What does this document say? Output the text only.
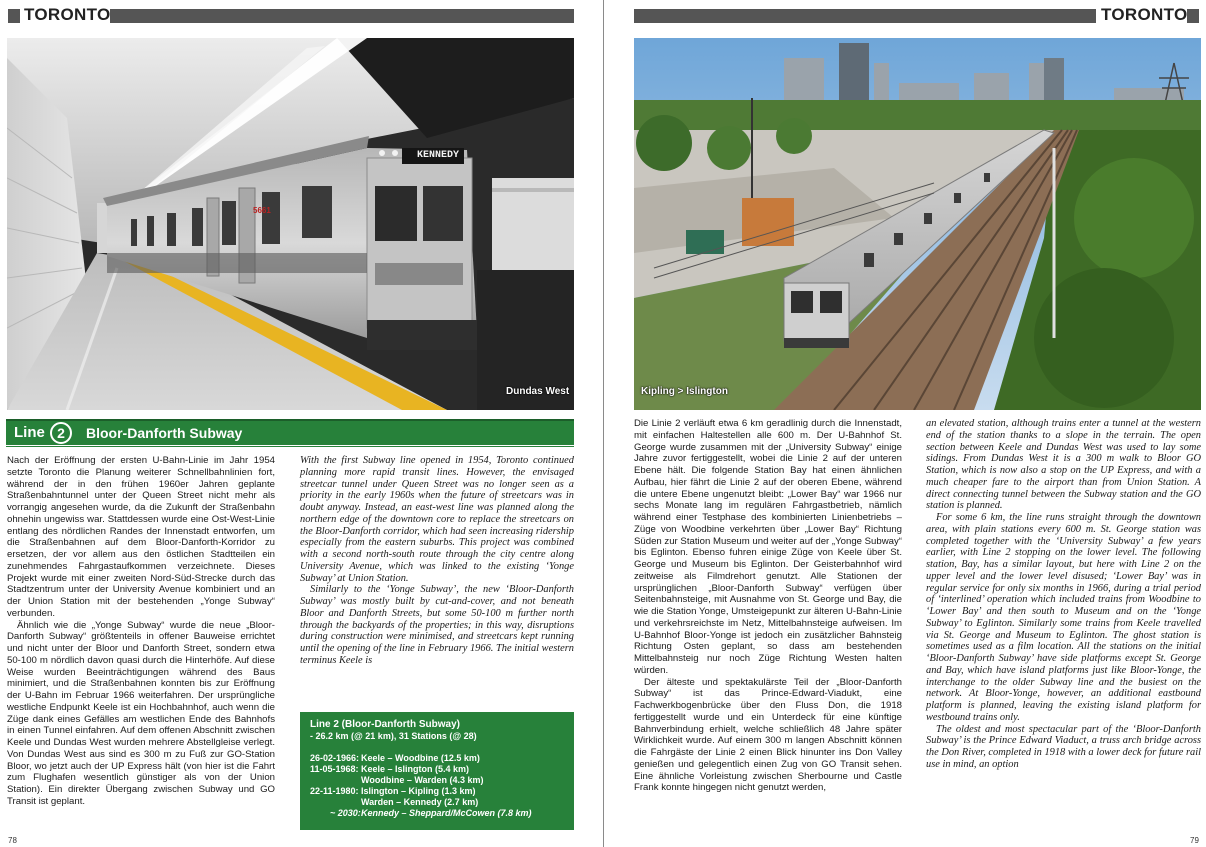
TORONTO
KENNEDY
5661
Dundas West
Line 2	Bloor-Danforth Subway

Nach der Eröffnung der ersten U-Bahn-Linie im Jahr 1954 setzte Toronto die Planung weiterer Schnellbahnlinien fort, während der in den frühen 1960er Jahren geplante Straßenbahntunnel unter der Queen Street nicht mehr als vorrangig angesehen wurde, da die Zukunft der Straßenbahn ohnehin ungewiss war. Stattdessen wurde eine Ost-West-Linie entlang des nördlichen Randes der Innenstadt entworfen, um die Straßenbahnen auf dem Bloor-Danforth-Korridor zu ersetzen, der vor allem aus den östlichen Stadtteilen ein zunehmendes Fahrgastaufkommen verzeichnete. Dieses Projekt wurde mit einer zweiten Nord-Süd-Strecke durch das Stadtzentrum unter der University Avenue kombiniert und an der Union Station mit der bestehenden „Yonge Subway“ verbunden.

Ähnlich wie die „Yonge Subway“ wurde die neue „Bloor-Danforth Subway“ größtenteils in offener Bauweise errichtet und nicht unter der Bloor und Danforth Street, sondern etwa 50-100 m nördlich davon quasi durch die Hinterhöfe. Auf diese Weise wurden Beeinträchtigungen während des Baus minimiert, und die Straßenbahnen konnten bis zur Eröffnung der U-Bahn im Februar 1966 weiterfahren. Der ursprüngliche westliche Endpunkt Keele ist ein Hochbahnhof, auch wenn die Züge dank eines Gefälles am westlichen Ende des Bahnhofs in einen Tunnel einfahren. Auf dem offenen Abschnitt zwischen Keele und Dundas West wurden mehrere Abstellgleise verlegt. Von Dundas West aus sind es 300 m zu Fuß zur GO-Station Bloor, wo jetzt auch der UP Express hält (von hier ist die Fahrt zum Flughafen wesentlich günstiger als von der Union Station). Ein direkter Übergang zwischen Subway und GO Transit ist geplant.

With the first Subway line opened in 1954, Toronto continued planning more rapid transit lines. However, the envisaged streetcar tunnel under Queen Street was no longer seen as a priority in the early 1960s when the future of streetcars was in doubt anyway. Instead, an east-west line was planned along the northern edge of the downtown core to replace the streetcars on the Bloor-Danforth corridor, which had seen increasing ridership especially from the eastern suburbs. This project was combined with a second north-south route through the city centre along University Avenue, which was linked to the existing ‘Yonge Subway’ at Union Station.

Similarly to the ‘Yonge Subway’, the new ‘Bloor-Danforth Subway’ was mostly built by cut-and-cover, and not beneath Bloor and Danforth Streets, but some 50-100 m further north through the backyards of the properties; in this way, disruptions during construction were minimised, and streetcars kept running until the opening of the line in February 1966. The initial western terminus Keele is

Line 2 (Bloor-Danforth Subway)
- 26.2 km (@ 21 km), 31 Stations (@ 28)
26-02-1966: Keele – Woodbine (12.5 km)
11-05-1968: Keele – Islington (5.4 km)
Woodbine – Warden (4.3 km)
22-11-1980: Islington – Kipling (1.3 km)
Warden – Kennedy (2.7 km)
~ 2030: Kennedy – Sheppard/McCowen (7.8 km)
78
TORONTO
Kipling > Islington

Die Linie 2 verläuft etwa 6 km geradlinig durch die Innenstadt, mit einfachen Haltestellen alle 600 m. Der U-Bahnhof St. George wurde zusammen mit der „University Subway“ einige Jahre zuvor fertiggestellt, wobei die Linie 2 auf der unteren Ebene hält. Die folgende Station Bay hat einen ähnlichen Aufbau, hier fährt die Linie 2 auf der oberen Ebene, während die untere Ebene ungenutzt bleibt: „Lower Bay“ war 1966 nur sechs Monate lang im regulären Fahrgastbetrieb, nämlich während einer Testphase des kombinierten Linienbetriebs – Züge von Woodbine verkehrten über „Lower Bay“ Richtung Süden zur Station Museum und weiter auf der „Yonge Subway“ bis Eglinton. Ebenso fuhren einige Züge von Keele über St. George und Museum bis Eglinton. Der Geisterbahnhof wird zeitweise als Filmdrehort genutzt. Alle Stationen der ursprünglichen „Bloor-Danforth Subway“ verfügen über Seitenbahnsteige, mit Ausnahme von St. George und Bay, die wie die Station Yonge, Umsteigepunkt zur älteren U-Bahn-Linie und verkehrsreichste im Netz, Mittelbahnsteige aufweisen. Im U-Bahnhof Bloor-Yonge ist jedoch ein zusätzlicher Bahnsteig Richtung Osten geplant, so dass am bestehenden Mittelbahnsteig nur noch Züge Richtung Westen halten würden.

Der älteste und spektakulärste Teil der „Bloor-Danforth Subway“ ist das Prince-Edward-Viadukt, eine Fachwerkbogenbrücke über den Fluss Don, die 1918 fertiggestellt wurde und ein Unterdeck für eine künftige Bahnverbindung erhielt, welche schließlich 48 Jahre später Wirklichkeit wurde. Auf einem 300 m langen Abschnitt können die Fahrgäste der Linie 2 einen Blick hinunter ins Don Valley genießen und gelegentlich einen Zug von GO Transit sehen. Eine ähnliche Vorleistung zwischen Sherbourne und Castle Frank konnte hingegen nicht genutzt werden,

an elevated station, although trains enter a tunnel at the western end of the station thanks to a slope in the terrain. The open section between Keele and Dundas West was used to lay some sidings. From Dundas West it is a 300 m walk to Bloor GO Station, which is now also a stop on the UP Express, and with a much cheaper fare to the airport than from Union Station. A direct connecting tunnel between the Subway station and the GO station is planned.

For some 6 km, the line runs straight through the downtown area, with plain stations every 600 m. St. George station was completed together with the ‘University Subway’ a few years earlier, with Line 2 stopping on the lower level. The following station, Bay, has a similar layout, but here with Line 2 on the upper level and the lower level disused; ‘Lower Bay’ was in regular service for only six months in 1966, during a trial period of ‘interlined’ operation which included trains from Woodbine to ‘Lower Bay’ and then south to Museum and on the ‘Yonge Subway’ to Eglinton. Similarly some trains from Keele travelled via St. George and Museum to Eglinton. The ghost station is sometimes used as a film location. All the stations on the initial ‘Bloor-Danforth Subway’ have side platforms except St. George and Bay, which have island platforms just like Bloor-Yonge, the interchange to the older Subway line and the busiest on the network. At Bloor-Yonge, however, an additional eastbound platform is planned, leaving the existing island platform for westbound trains only.

The oldest and most spectacular part of the ‘Bloor-Danforth Subway’ is the Prince Edward Viaduct, a truss arch bridge across the Don River, completed in 1918 with a lower deck for future rail use in mind, an option

79
